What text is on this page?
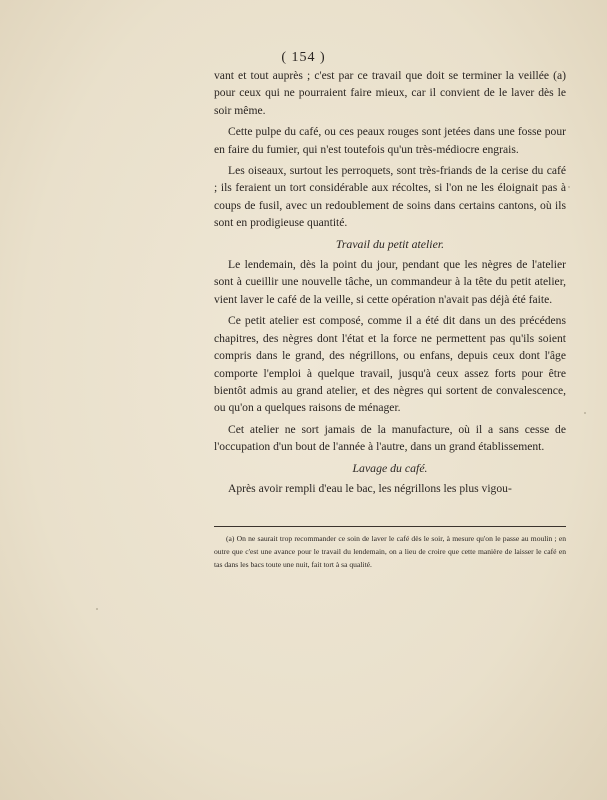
( 154 )

vant et tout auprès ; c'est par ce travail que doit se terminer la veillée (a) pour ceux qui ne pourraient faire mieux, car il convient de le laver dès le soir même.

Cette pulpe du café, ou ces peaux rouges sont jetées dans une fosse pour en faire du fumier, qui n'est toutefois qu'un très-médiocre engrais.

Les oiseaux, surtout les perroquets, sont très-friands de la cerise du café ; ils feraient un tort considérable aux récoltes, si l'on ne les éloignait pas à coups de fusil, avec un redoublement de soins dans certains cantons, où ils sont en prodigieuse quantité.

Travail du petit atelier.

Le lendemain, dès la point du jour, pendant que les nègres de l'atelier sont à cueillir une nouvelle tâche, un commandeur à la tête du petit atelier, vient laver le café de la veille, si cette opération n'avait pas déjà été faite.

Ce petit atelier est composé, comme il a été dit dans un des précédens chapitres, des nègres dont l'état et la force ne permettent pas qu'ils soient compris dans le grand, des négrillons, ou enfans, depuis ceux dont l'âge comporte l'emploi à quelque travail, jusqu'à ceux assez forts pour être bientôt admis au grand atelier, et des nègres qui sortent de convalescence, ou qu'on a quelques raisons de ménager.

Cet atelier ne sort jamais de la manufacture, où il a sans cesse de l'occupation d'un bout de l'année à l'autre, dans un grand établissement.

Lavage du café.

Après avoir rempli d'eau le bac, les négrillons les plus vigou-

(a) On ne saurait trop recommander ce soin de laver le café dès le soir, à mesure qu'on le passe au moulin ; en outre que c'est une avance pour le travail du lendemain, on a lieu de croire que cette manière de laisser le café en tas dans les bacs toute une nuit, fait tort à sa qualité.
